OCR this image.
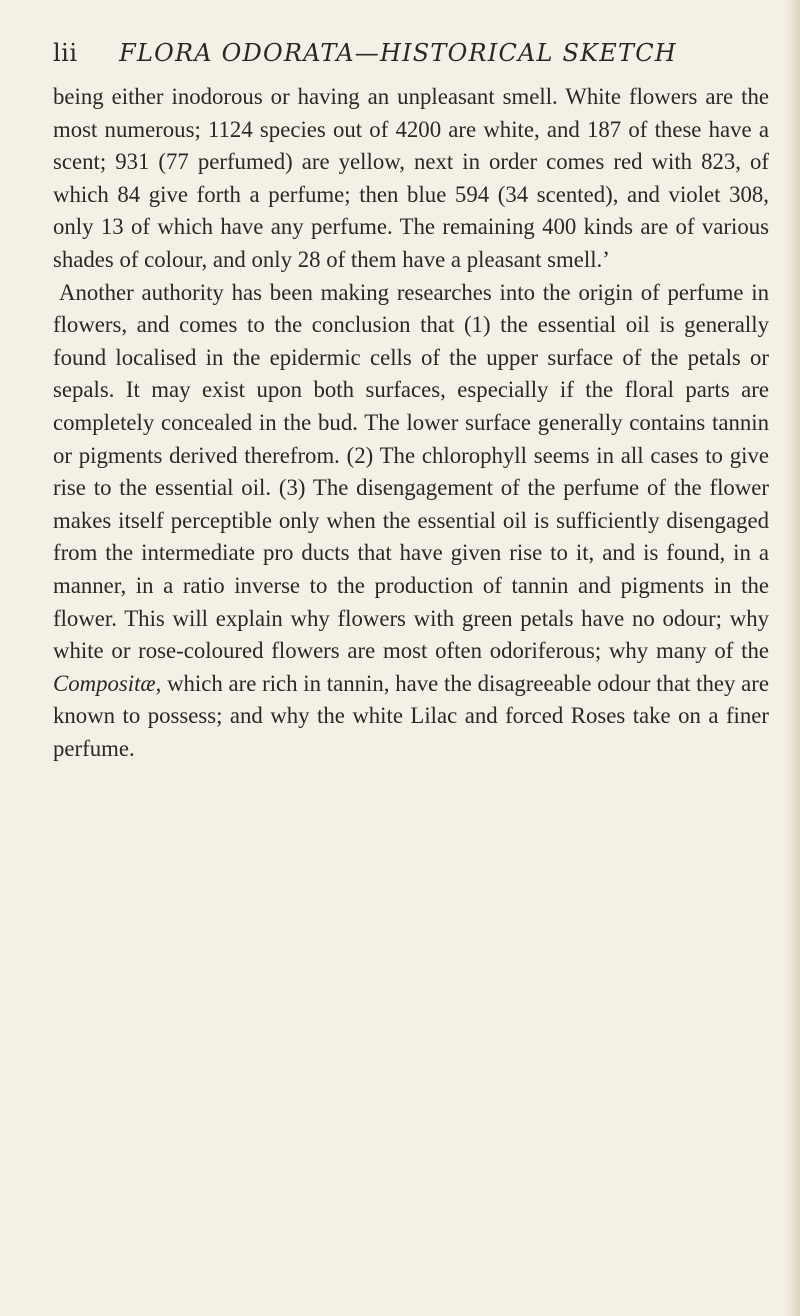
lii FLORA ODORATA—HISTORICAL SKETCH

being either inodorous or having an unpleasant smell. White flowers are the most numerous; 1124 species out of 4200 are white, and 187 of these have a scent; 931 (77 perfumed) are yellow, next in order comes red with 823, of which 84 give forth a perfume; then blue 594 (34 scented), and violet 308, only 13 of which have any perfume. The remaining 400 kinds are of various shades of colour, and only 28 of them have a pleasant smell.’

Another authority has been making researches into the origin of perfume in flowers, and comes to the conclusion that (1) the essential oil is generally found localised in the epidermic cells of the upper surface of the petals or sepals. It may exist upon both surfaces, especially if the floral parts are completely concealed in the bud. The lower surface generally contains tannin or pigments derived therefrom. (2) The chlorophyll seems in all cases to give rise to the essential oil. (3) The disengagement of the perfume of the flower makes itself perceptible only when the essential oil is sufficiently disengaged from the intermediate pro ducts that have given rise to it, and is found, in a manner, in a ratio inverse to the production of tannin and pigments in the flower. This will explain why flowers with green petals have no odour; why white or rose-coloured flowers are most often odoriferous; why many of the Compositæ, which are rich in tannin, have the disagreeable odour that they are known to possess; and why the white Lilac and forced Roses take on a finer perfume.
